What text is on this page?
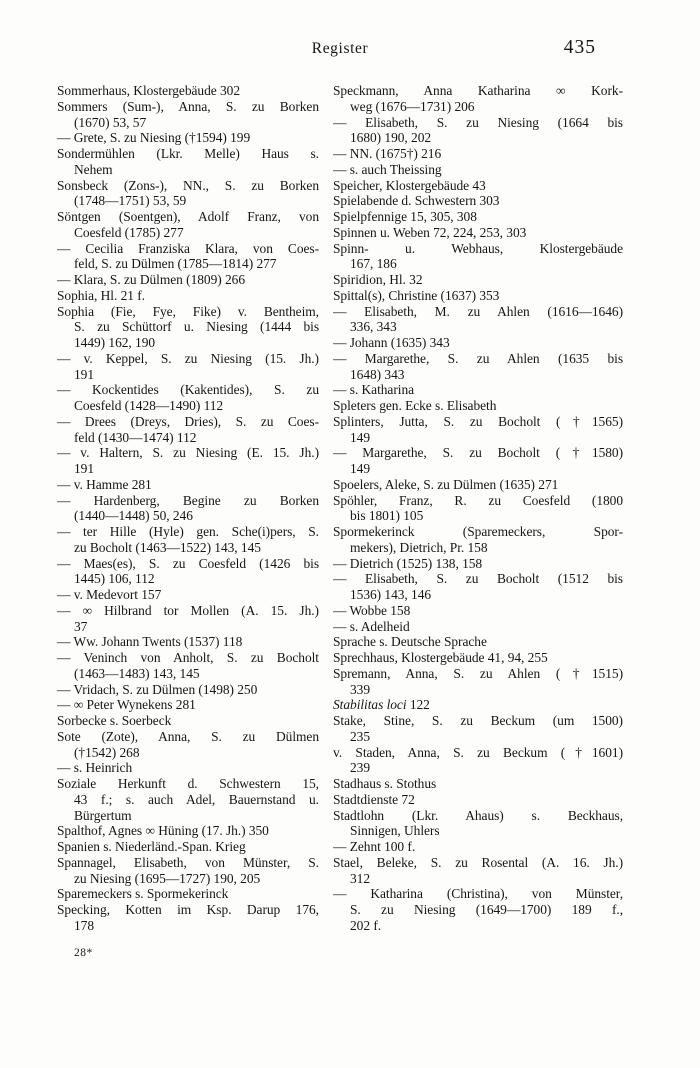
Register	435
Sommerhaus, Klostergebäude 302
Sommers (Sum-), Anna, S. zu Borken
(1670) 53, 57
— Grete, S. zu Niesing (†1594) 199
Sondermühlen (Lkr. Melle) Haus s.
Nehem
Sonsbeck (Zons-), NN., S. zu Borken
(1748—1751) 53, 59
Söntgen (Soentgen), Adolf Franz, von
Coesfeld (1785) 277
— Cecilia Franziska Klara, von Coes-
feld, S. zu Dülmen (1785—1814) 277
— Klara, S. zu Dülmen (1809) 266
Sophia, Hl. 21 f.
Sophia (Fie, Fye, Fike) v. Bentheim,
S. zu Schüttorf u. Niesing (1444 bis
1449) 162, 190
— v. Keppel, S. zu Niesing (15. Jh.)
191
— Kockentides (Kakentides), S. zu
Coesfeld (1428—1490) 112
— Drees (Dreys, Dries), S. zu Coes-
feld (1430—1474) 112
— v. Haltern, S. zu Niesing (E. 15. Jh.)
191
— v. Hamme 281
— Hardenberg, Begine zu Borken
(1440—1448) 50, 246
— ter Hille (Hyle) gen. Sche(i)pers, S.
zu Bocholt (1463—1522) 143, 145
— Maes(es), S. zu Coesfeld (1426 bis
1445) 106, 112
— v. Medevort 157
— ∞ Hilbrand tor Mollen (A. 15. Jh.)
37
— Ww. Johann Twents (1537) 118
— Veninch von Anholt, S. zu Bocholt
(1463—1483) 143, 145
— Vridach, S. zu Dülmen (1498) 250
— ∞ Peter Wynekens 281
Sorbecke s. Soerbeck
Sote (Zote), Anna, S. zu Dülmen
(†1542) 268
— s. Heinrich
Soziale Herkunft d. Schwestern 15,
43 f.; s. auch Adel, Bauernstand u.
Bürgertum
Spalthof, Agnes ∞ Hüning (17. Jh.) 350
Spanien s. Niederländ.-Span. Krieg
Spannagel, Elisabeth, von Münster, S.
zu Niesing (1695—1727) 190, 205
Sparemeckers s. Spormekerinck
Specking, Kotten im Ksp. Darup 176,
178
Speckmann, Anna Katharina ∞ Kork-
weg (1676—1731) 206
— Elisabeth, S. zu Niesing (1664 bis
1680) 190, 202
— NN. (1675†) 216
— s. auch Theissing
Speicher, Klostergebäude 43
Spielabende d. Schwestern 303
Spielpfennige 15, 305, 308
Spinnen u. Weben 72, 224, 253, 303
Spinn- u. Webhaus, Klostergebäude
167, 186
Spiridion, Hl. 32
Spittal(s), Christine (1637) 353
— Elisabeth, M. zu Ahlen (1616—1646)
336, 343
— Johann (1635) 343
— Margarethe, S. zu Ahlen (1635 bis
1648) 343
— s. Katharina
Spleters gen. Ecke s. Elisabeth
Splinters, Jutta, S. zu Bocholt (†1565)
149
— Margarethe, S. zu Bocholt (†1580)
149
Spoelers, Aleke, S. zu Dülmen (1635) 271
Spöhler, Franz, R. zu Coesfeld (1800
bis 1801) 105
Spormekerinck (Sparemeckers, Spor-
mekers), Dietrich, Pr. 158
— Dietrich (1525) 138, 158
— Elisabeth, S. zu Bocholt (1512 bis
1536) 143, 146
— Wobbe 158
— s. Adelheid
Sprache s. Deutsche Sprache
Sprechhaus, Klostergebäude 41, 94, 255
Spremann, Anna, S. zu Ahlen (†1515)
339
Stabilitas loci 122
Stake, Stine, S. zu Beckum (um 1500)
235
v. Staden, Anna, S. zu Beckum (†1601)
239
Stadhaus s. Stothus
Stadtdienste 72
Stadtlohn (Lkr. Ahaus) s. Beckhaus,
Sinnigen, Uhlers
— Zehnt 100 f.
Stael, Beleke, S. zu Rosental (A. 16. Jh.)
312
— Katharina (Christina), von Münster,
S. zu Niesing (1649—1700) 189 f.,
202 f.
28*
